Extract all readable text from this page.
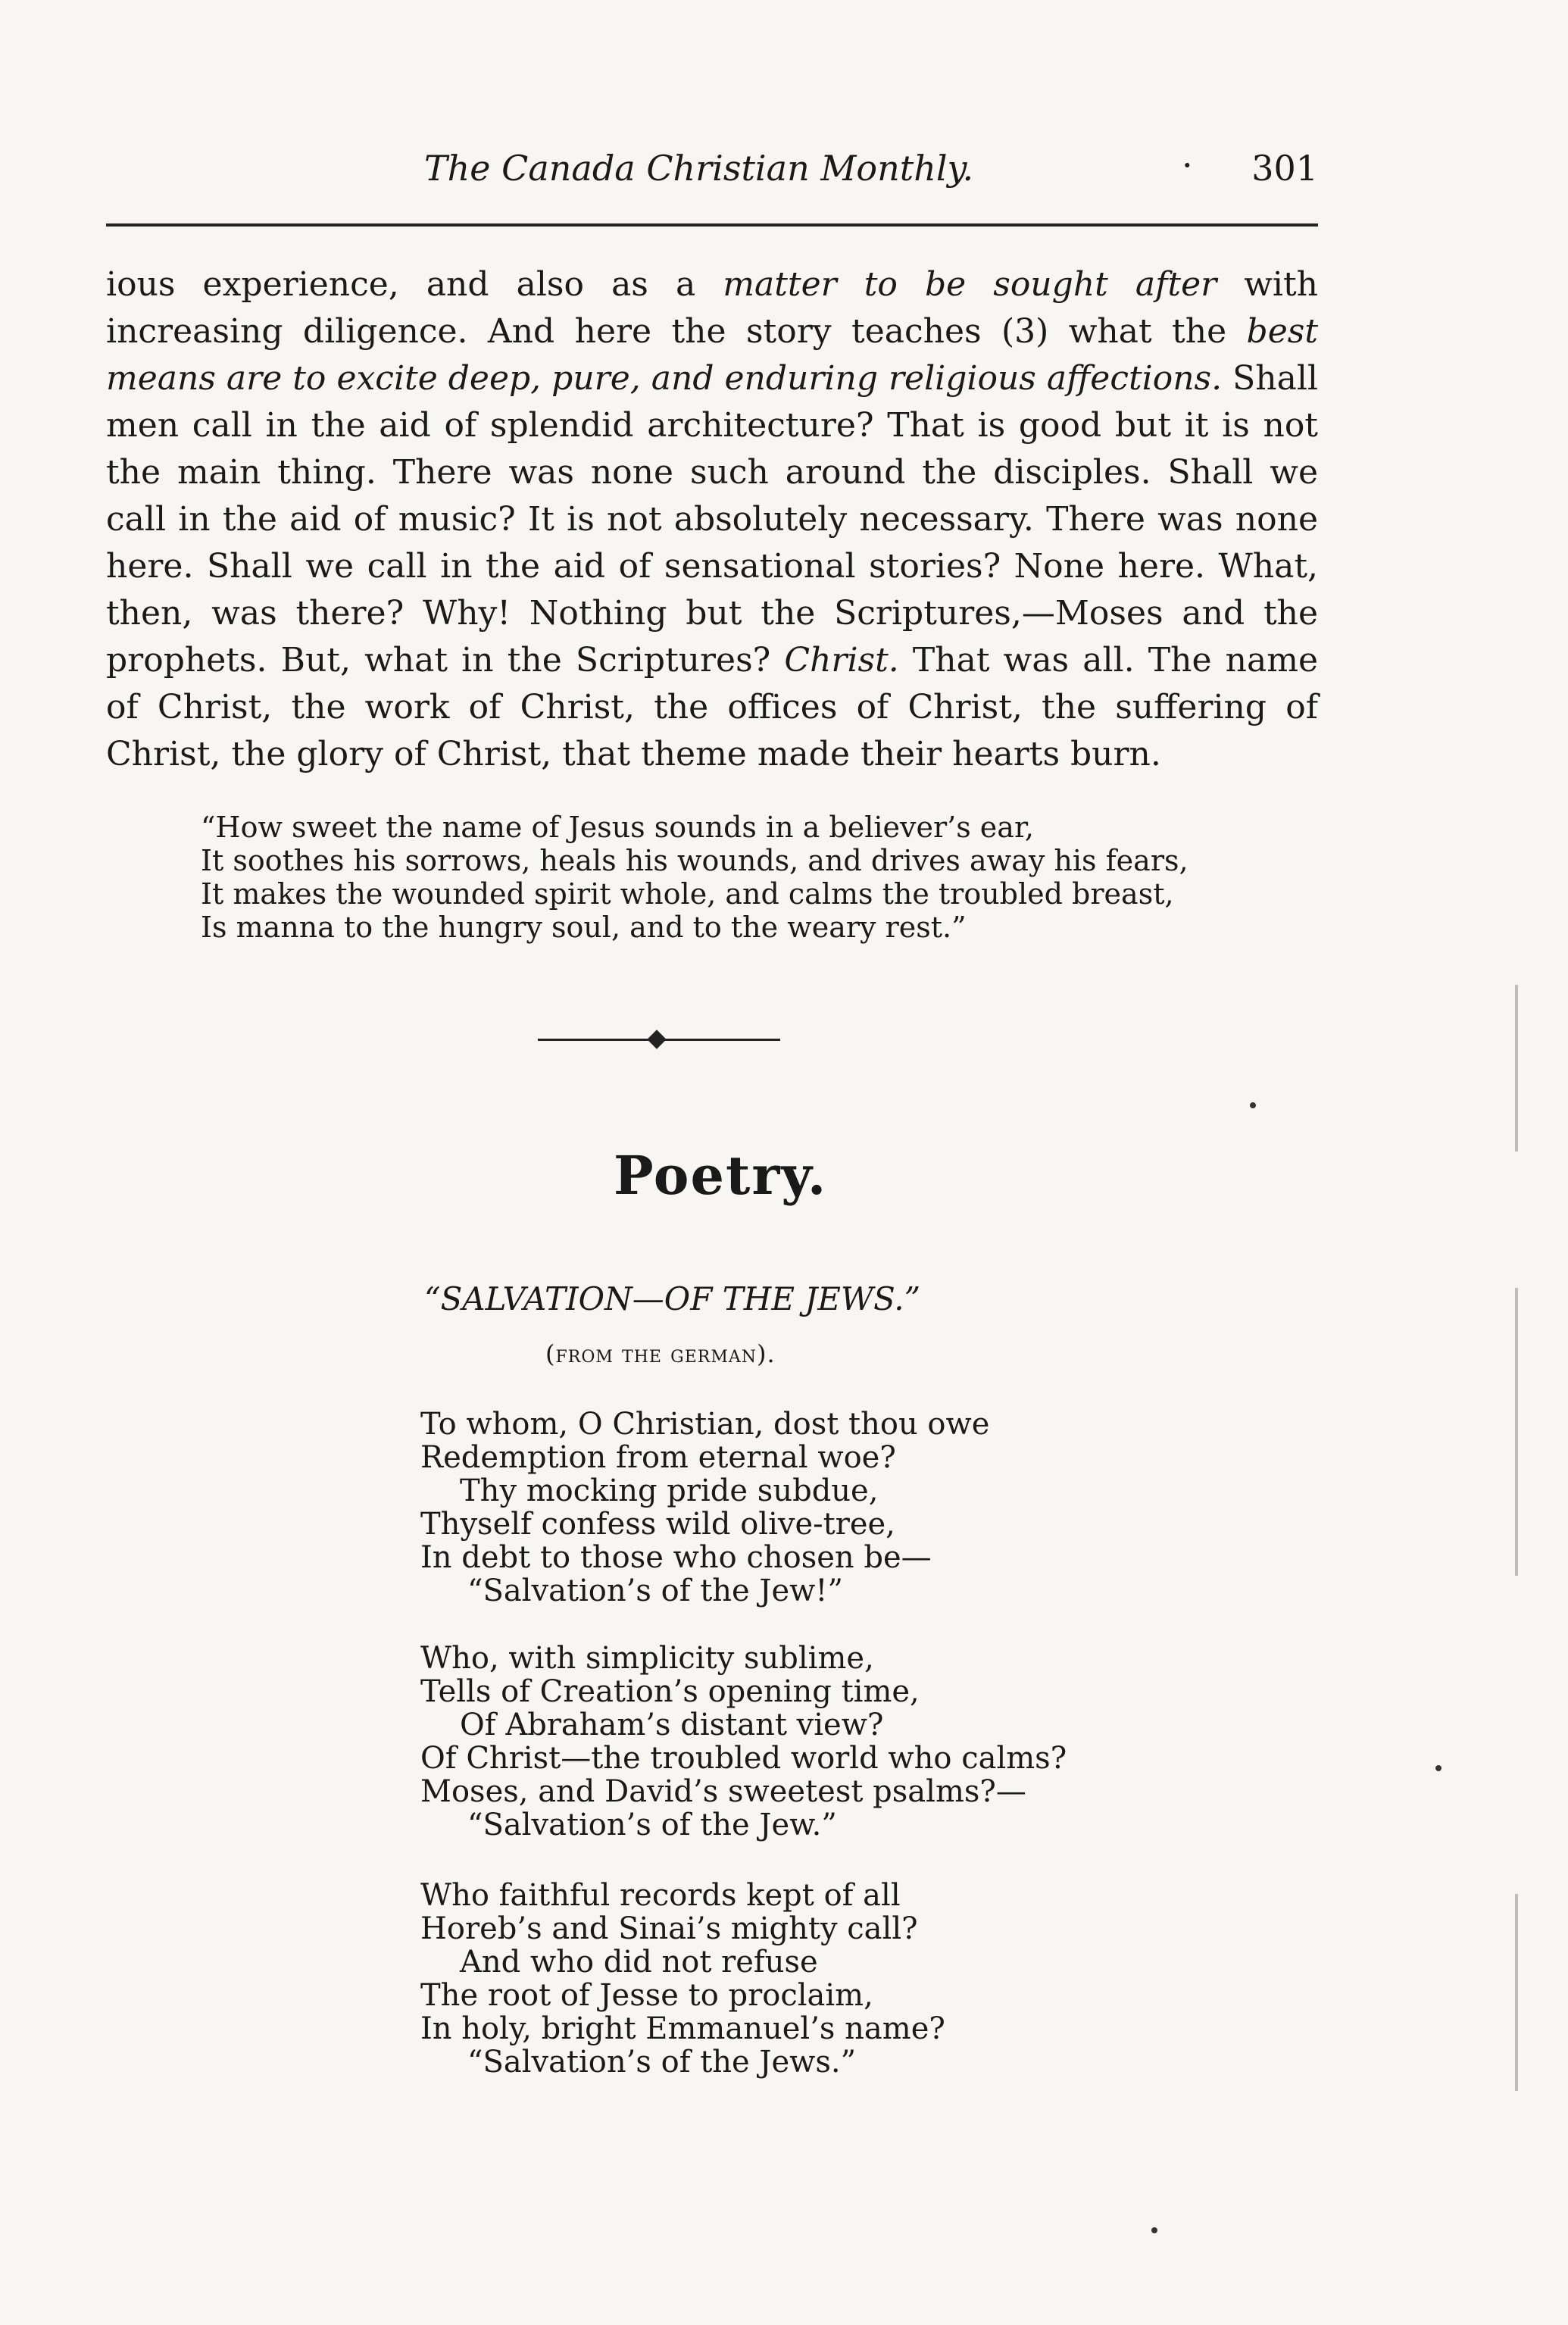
The Canada Christian Monthly.	· 301

ious experience, and also as a matter to be sought after with increasing diligence. And here the story teaches (3) what the best means are to excite deep, pure, and enduring religious affections. Shall men call in the aid of splendid architecture? That is good but it is not the main thing. There was none such around the disciples. Shall we call in the aid of music? It is not absolutely necessary. There was none here. Shall we call in the aid of sensational stories? None here. What, then, was there? Why! Nothing but the Scriptures,—Moses and the prophets. But, what in the Scriptures? Christ. That was all. The name of Christ, the work of Christ, the offices of Christ, the suffering of Christ, the glory of Christ, that theme made their hearts burn.

“How sweet the name of Jesus sounds in a believer’s ear,
It soothes his sorrows, heals his wounds, and drives away his fears,
It makes the wounded spirit whole, and calms the troubled breast,
Is manna to the hungry soul, and to the weary rest.”
Poetry.
“SALVATION—OF THE JEWS.”
(from the german).
To whom, O Christian, dost thou owe
Redemption from eternal woe?
Thy mocking pride subdue,
Thyself confess wild olive-tree,
In debt to those who chosen be—
“Salvation’s of the Jew!”
Who, with simplicity sublime,
Tells of Creation’s opening time,
Of Abraham’s distant view?
Of Christ—the troubled world who calms?
Moses, and David’s sweetest psalms?—
“Salvation’s of the Jew.”
Who faithful records kept of all
Horeb’s and Sinai’s mighty call?
And who did not refuse
The root of Jesse to proclaim,
In holy, bright Emmanuel’s name?
“Salvation’s of the Jews.”
